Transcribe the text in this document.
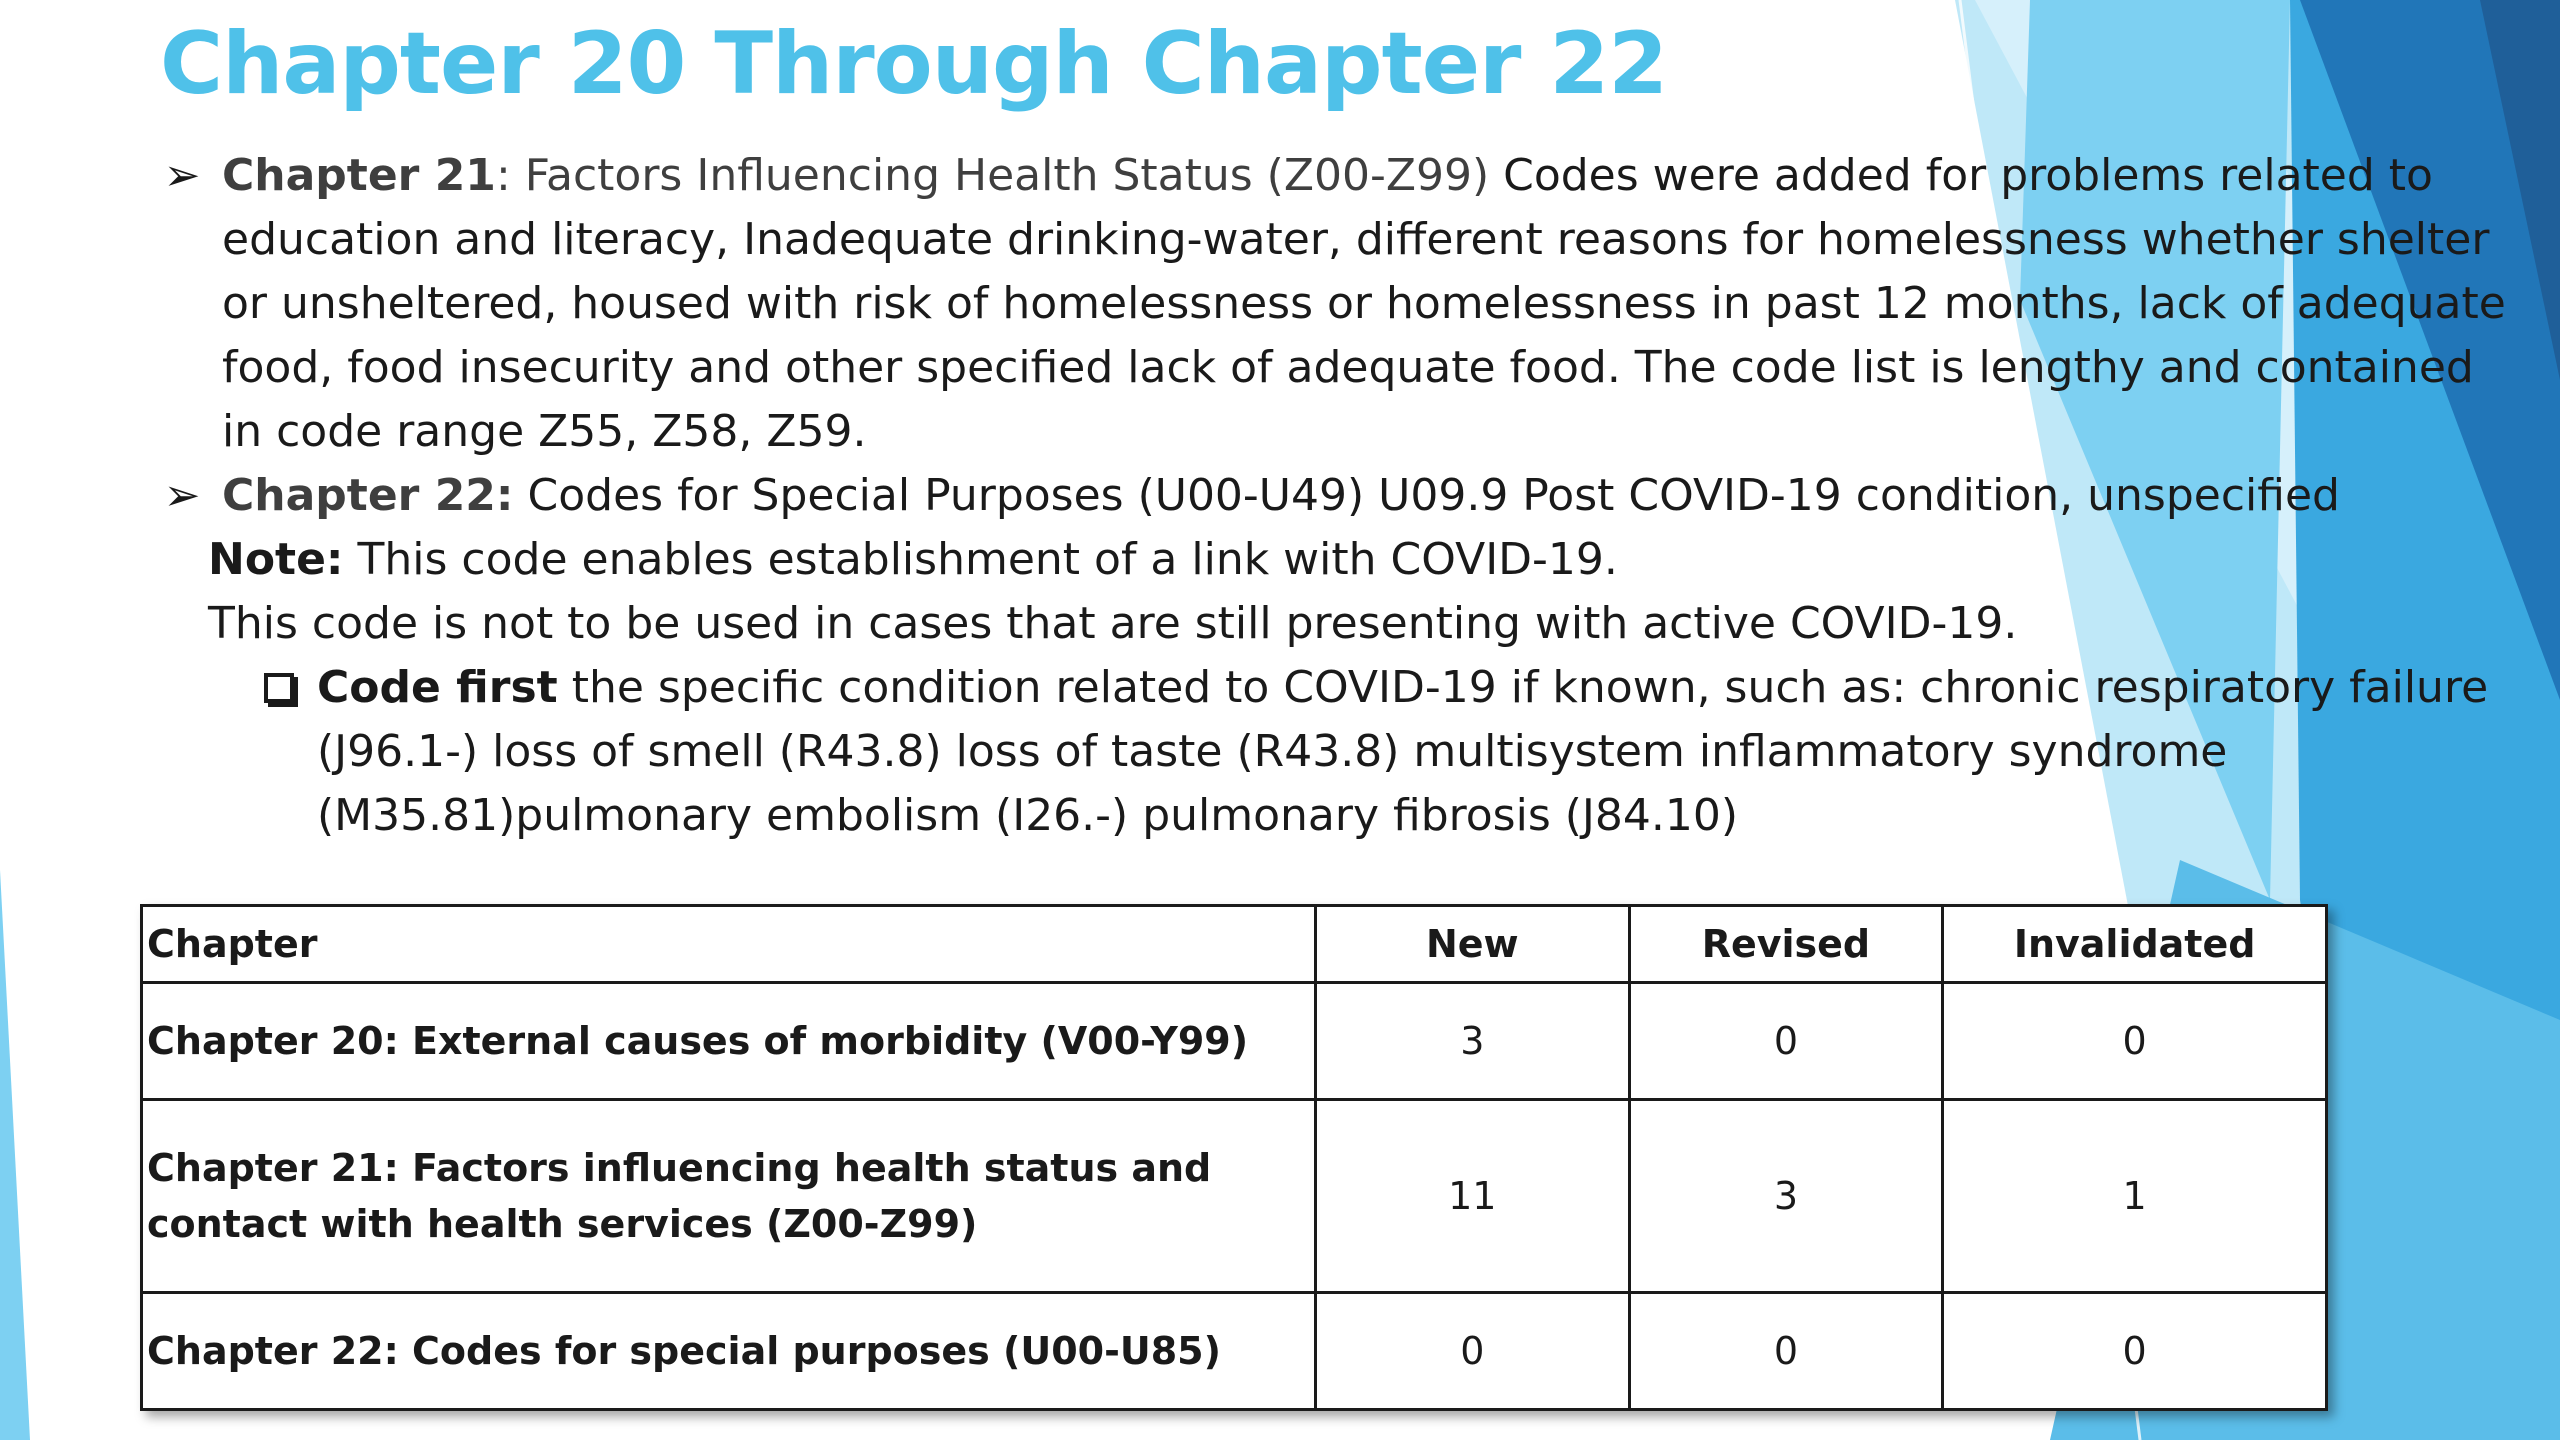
Chapter 20 Through Chapter 22

➢ Chapter 21: Factors Influencing Health Status (Z00-Z99) Codes were added for problems related to education and literacy, Inadequate drinking-water, different reasons for homelessness whether shelter or unsheltered, housed with risk of homelessness or homelessness in past 12 months, lack of adequate food, food insecurity and other specified lack of adequate food. The code list is lengthy and contained in code range Z55, Z58, Z59.

➢ Chapter 22: Codes for Special Purposes (U00-U49) U09.9 Post COVID-19 condition, unspecified

Note: This code enables establishment of a link with COVID-19.

This code is not to be used in cases that are still presenting with active COVID-19.

Code first the specific condition related to COVID-19 if known, such as: chronic respiratory failure (J96.1-) loss of smell (R43.8) loss of taste (R43.8) multisystem inflammatory syndrome (M35.81)pulmonary embolism (I26.-) pulmonary fibrosis (J84.10)

Chapter	New	Revised	Invalidated
Chapter 20: External causes of morbidity (V00-Y99)	3	0	0
Chapter 21: Factors influencing health status and contact with health services (Z00-Z99)	11	3	1
Chapter 22: Codes for special purposes (U00-U85)	0	0	0
